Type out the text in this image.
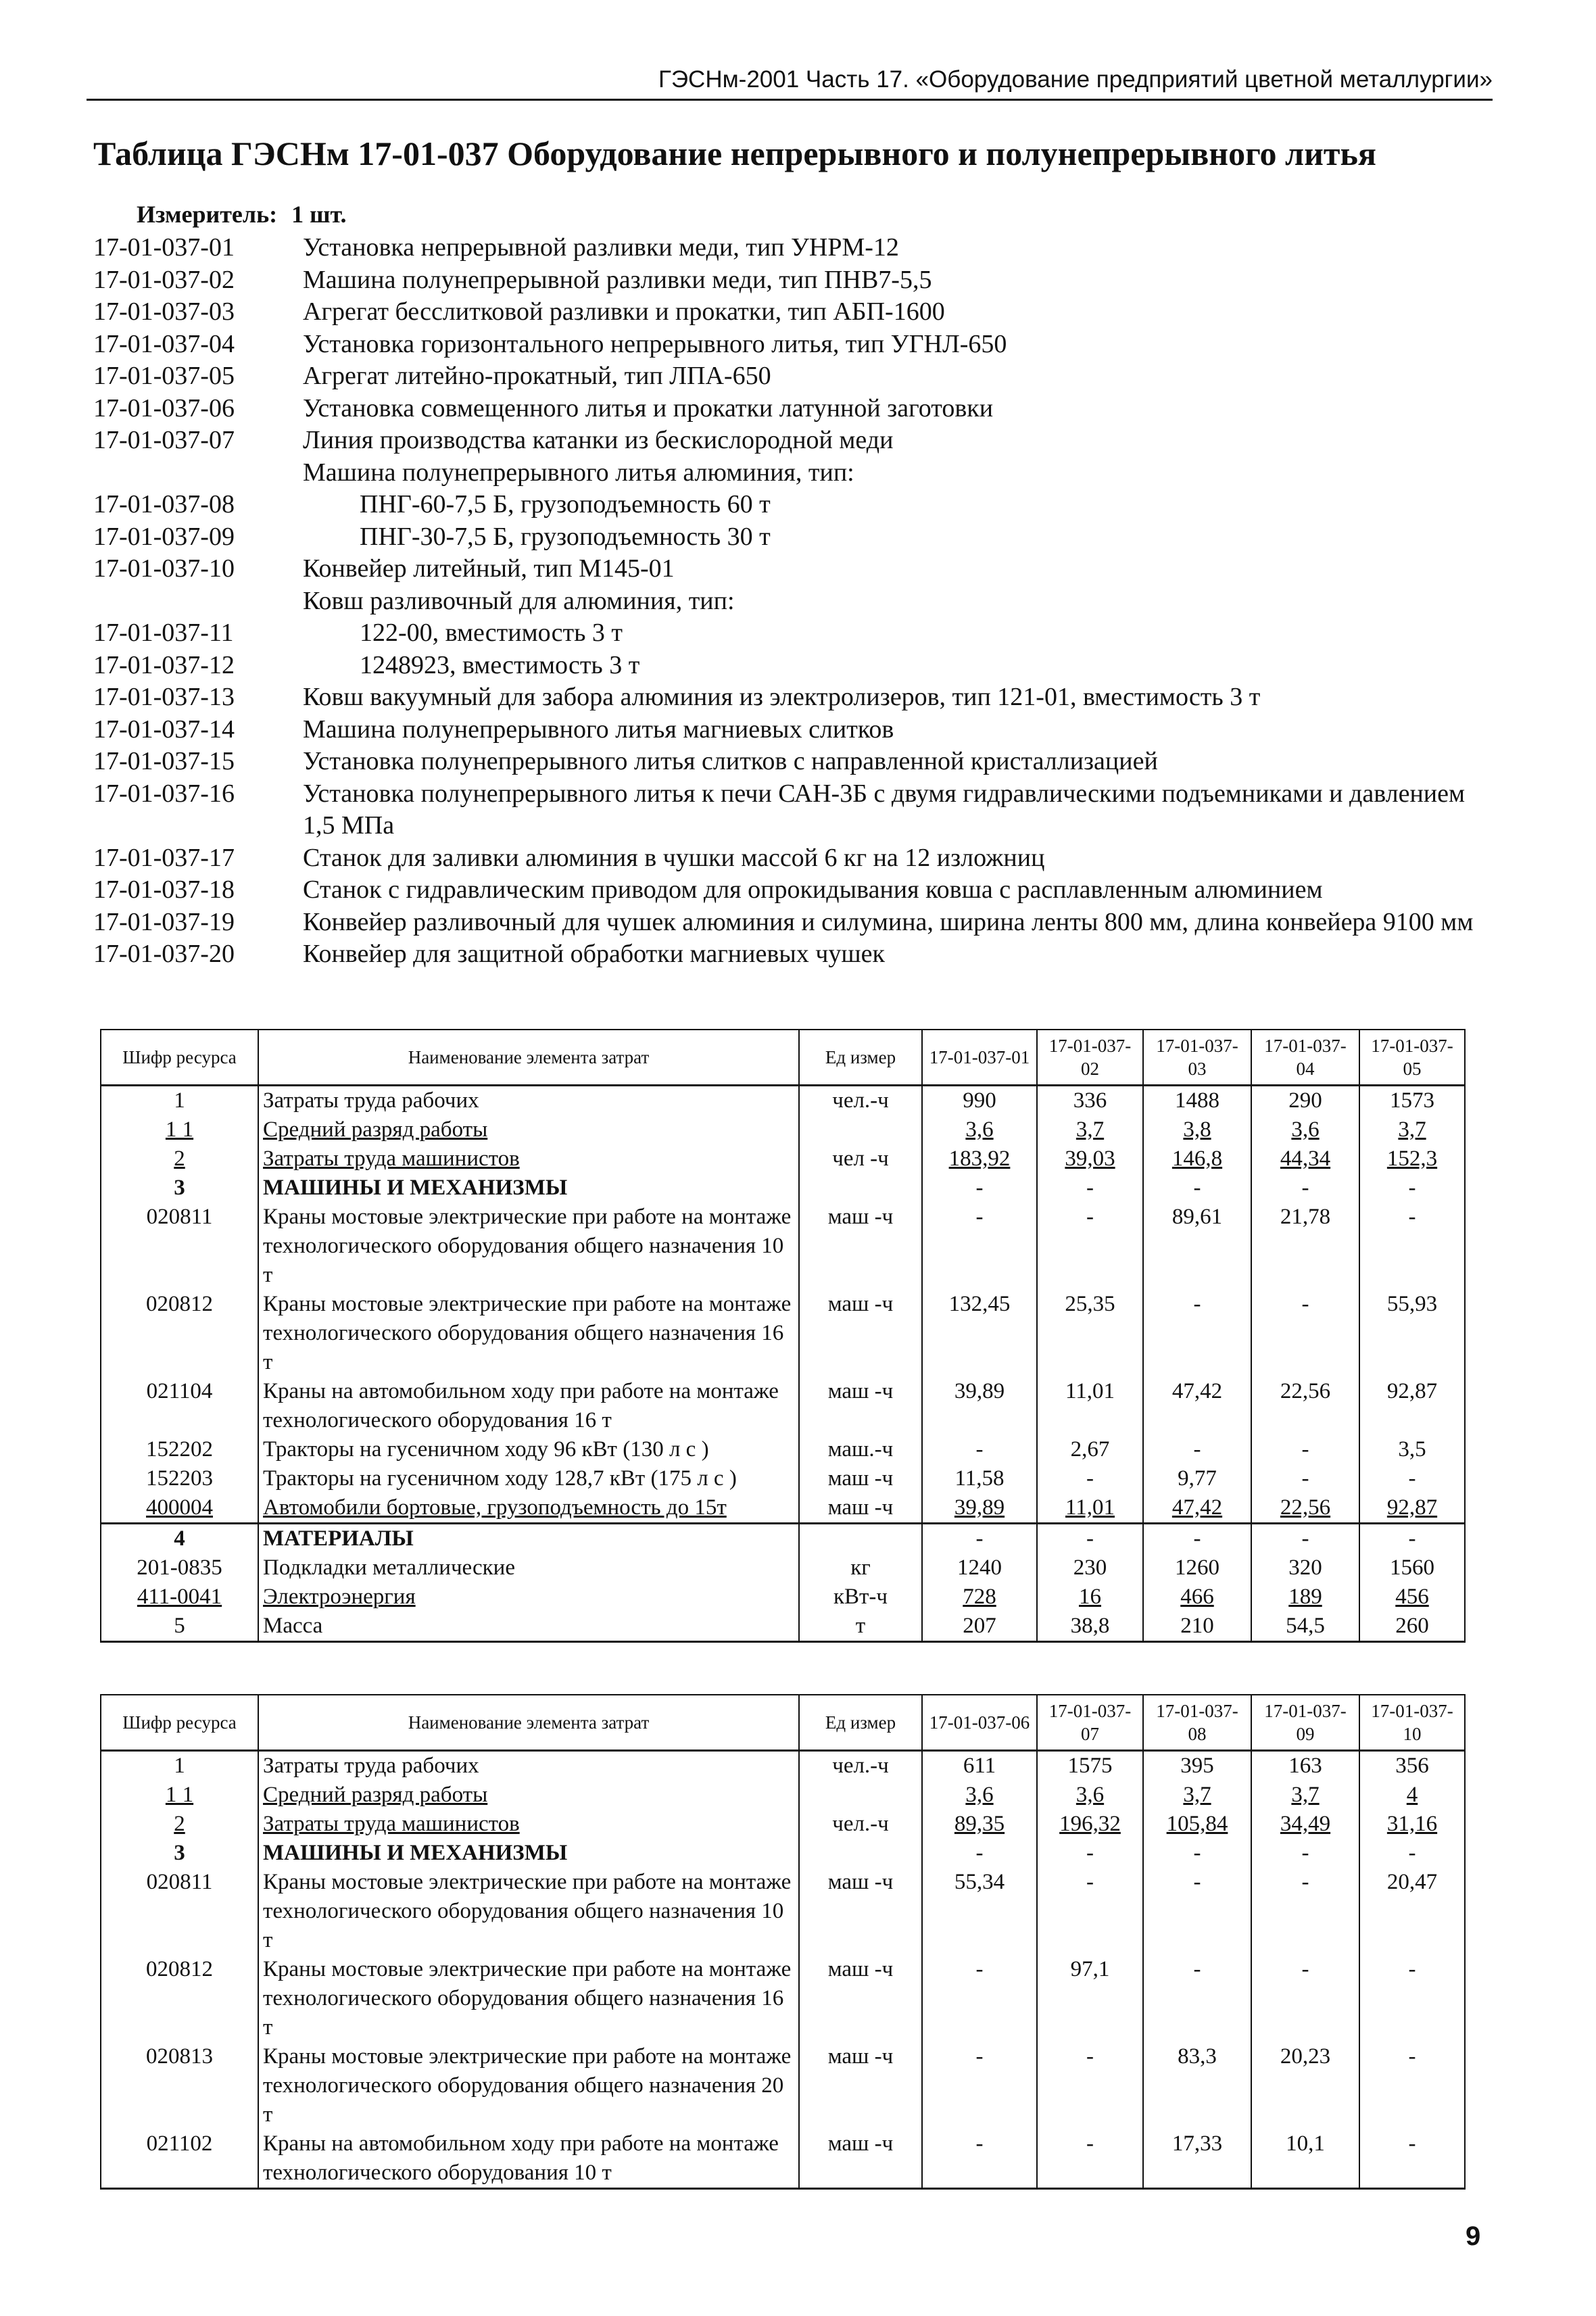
ГЭСНм-2001 Часть 17. «Оборудование предприятий цветной металлургии»
Таблица ГЭСНм 17-01-037 Оборудование непрерывного и полунепрерывного литья
Измеритель: 1 шт.
17-01-037-01	Установка непрерывной разливки меди, тип УНРМ-12
17-01-037-02	Машина полунепрерывной разливки меди, тип ПНВ7-5,5
17-01-037-03	Агрегат бесслитковой разливки и прокатки, тип АБП-1600
17-01-037-04	Установка горизонтального непрерывного литья, тип УГНЛ-650
17-01-037-05	Агрегат литейно-прокатный, тип ЛПА-650
17-01-037-06	Установка совмещенного литья и прокатки латунной заготовки
17-01-037-07	Линия производства катанки из бескислородной меди
Машина полунепрерывного литья алюминия, тип:
17-01-037-08	ПНГ-60-7,5 Б, грузоподъемность 60 т
17-01-037-09	ПНГ-30-7,5 Б, грузоподъемность 30 т
17-01-037-10	Конвейер литейный, тип М145-01
Ковш разливочный для алюминия, тип:
17-01-037-11	122-00, вместимость 3 т
17-01-037-12	1248923, вместимость 3 т
17-01-037-13	Ковш вакуумный для забора алюминия из электролизеров, тип 121-01, вместимость 3 т
17-01-037-14	Машина полунепрерывного литья магниевых слитков
17-01-037-15	Установка полунепрерывного литья слитков с направленной кристаллизацией
17-01-037-16	Установка полунепрерывного литья к печи САН-3Б с двумя гидравлическими подъемниками и давлением 1,5 МПа
17-01-037-17	Станок для заливки алюминия в чушки массой 6 кг на 12 изложниц
17-01-037-18	Станок с гидравлическим приводом для опрокидывания ковша с расплавленным алюминием
17-01-037-19	Конвейер разливочный для чушек алюминия и силумина, ширина ленты 800 мм, длина конвейера 9100 мм
17-01-037-20	Конвейер для защитной обработки магниевых чушек
Шифр ресурса	Наименование элемента затрат	Ед измер	17-01-037-01	17-01-037-02	17-01-037-03	17-01-037-04	17-01-037-05
1	Затраты труда рабочих	чел.-ч	990	336	1488	290	1573
1 1	Средний разряд работы		3,6	3,7	3,8	3,6	3,7
2	Затраты труда машинистов	чел -ч	183,92	39,03	146,8	44,34	152,3
3	МАШИНЫ И МЕХАНИЗМЫ		-	-	-	-	-
020811	Краны мостовые электрические при работе на монтаже технологического оборудования общего назначения 10 т	маш -ч	-	-	89,61	21,78	-
020812	Краны мостовые электрические при работе на монтаже технологического оборудования общего назначения 16 т	маш -ч	132,45	25,35	-	-	55,93
021104	Краны на автомобильном ходу при работе на монтаже технологического оборудования 16 т	маш -ч	39,89	11,01	47,42	22,56	92,87
152202	Тракторы на гусеничном ходу 96 кВт (130 л с )	маш.-ч	-	2,67	-	-	3,5
152203	Тракторы на гусеничном ходу 128,7 кВт (175 л с )	маш -ч	11,58	-	9,77	-	-
400004	Автомобили бортовые, грузоподъемность до 15т	маш -ч	39,89	11,01	47,42	22,56	92,87
4	МАТЕРИАЛЫ		-	-	-	-	-
201-0835	Подкладки металлические	кг	1240	230	1260	320	1560
411-0041	Электроэнергия	кВт-ч	728	16	466	189	456
5	Масса	т	207	38,8	210	54,5	260
Шифр ресурса	Наименование элемента затрат	Ед измер	17-01-037-06	17-01-037-07	17-01-037-08	17-01-037-09	17-01-037-10
1	Затраты труда рабочих	чел.-ч	611	1575	395	163	356
1 1	Средний разряд работы		3,6	3,6	3,7	3,7	4
2	Затраты труда машинистов	чел.-ч	89,35	196,32	105,84	34,49	31,16
3	МАШИНЫ И МЕХАНИЗМЫ		-	-	-	-	-
020811	Краны мостовые электрические при работе на монтаже технологического оборудования общего назначения 10 т	маш -ч	55,34	-	-	-	20,47
020812	Краны мостовые электрические при работе на монтаже технологического оборудования общего назначения 16 т	маш -ч	-	97,1	-	-	-
020813	Краны мостовые электрические при работе на монтаже технологического оборудования общего назначения 20 т	маш -ч	-	-	83,3	20,23	-
021102	Краны на автомобильном ходу при работе на монтаже технологического оборудования 10 т	маш -ч	-	-	17,33	10,1	-
9
